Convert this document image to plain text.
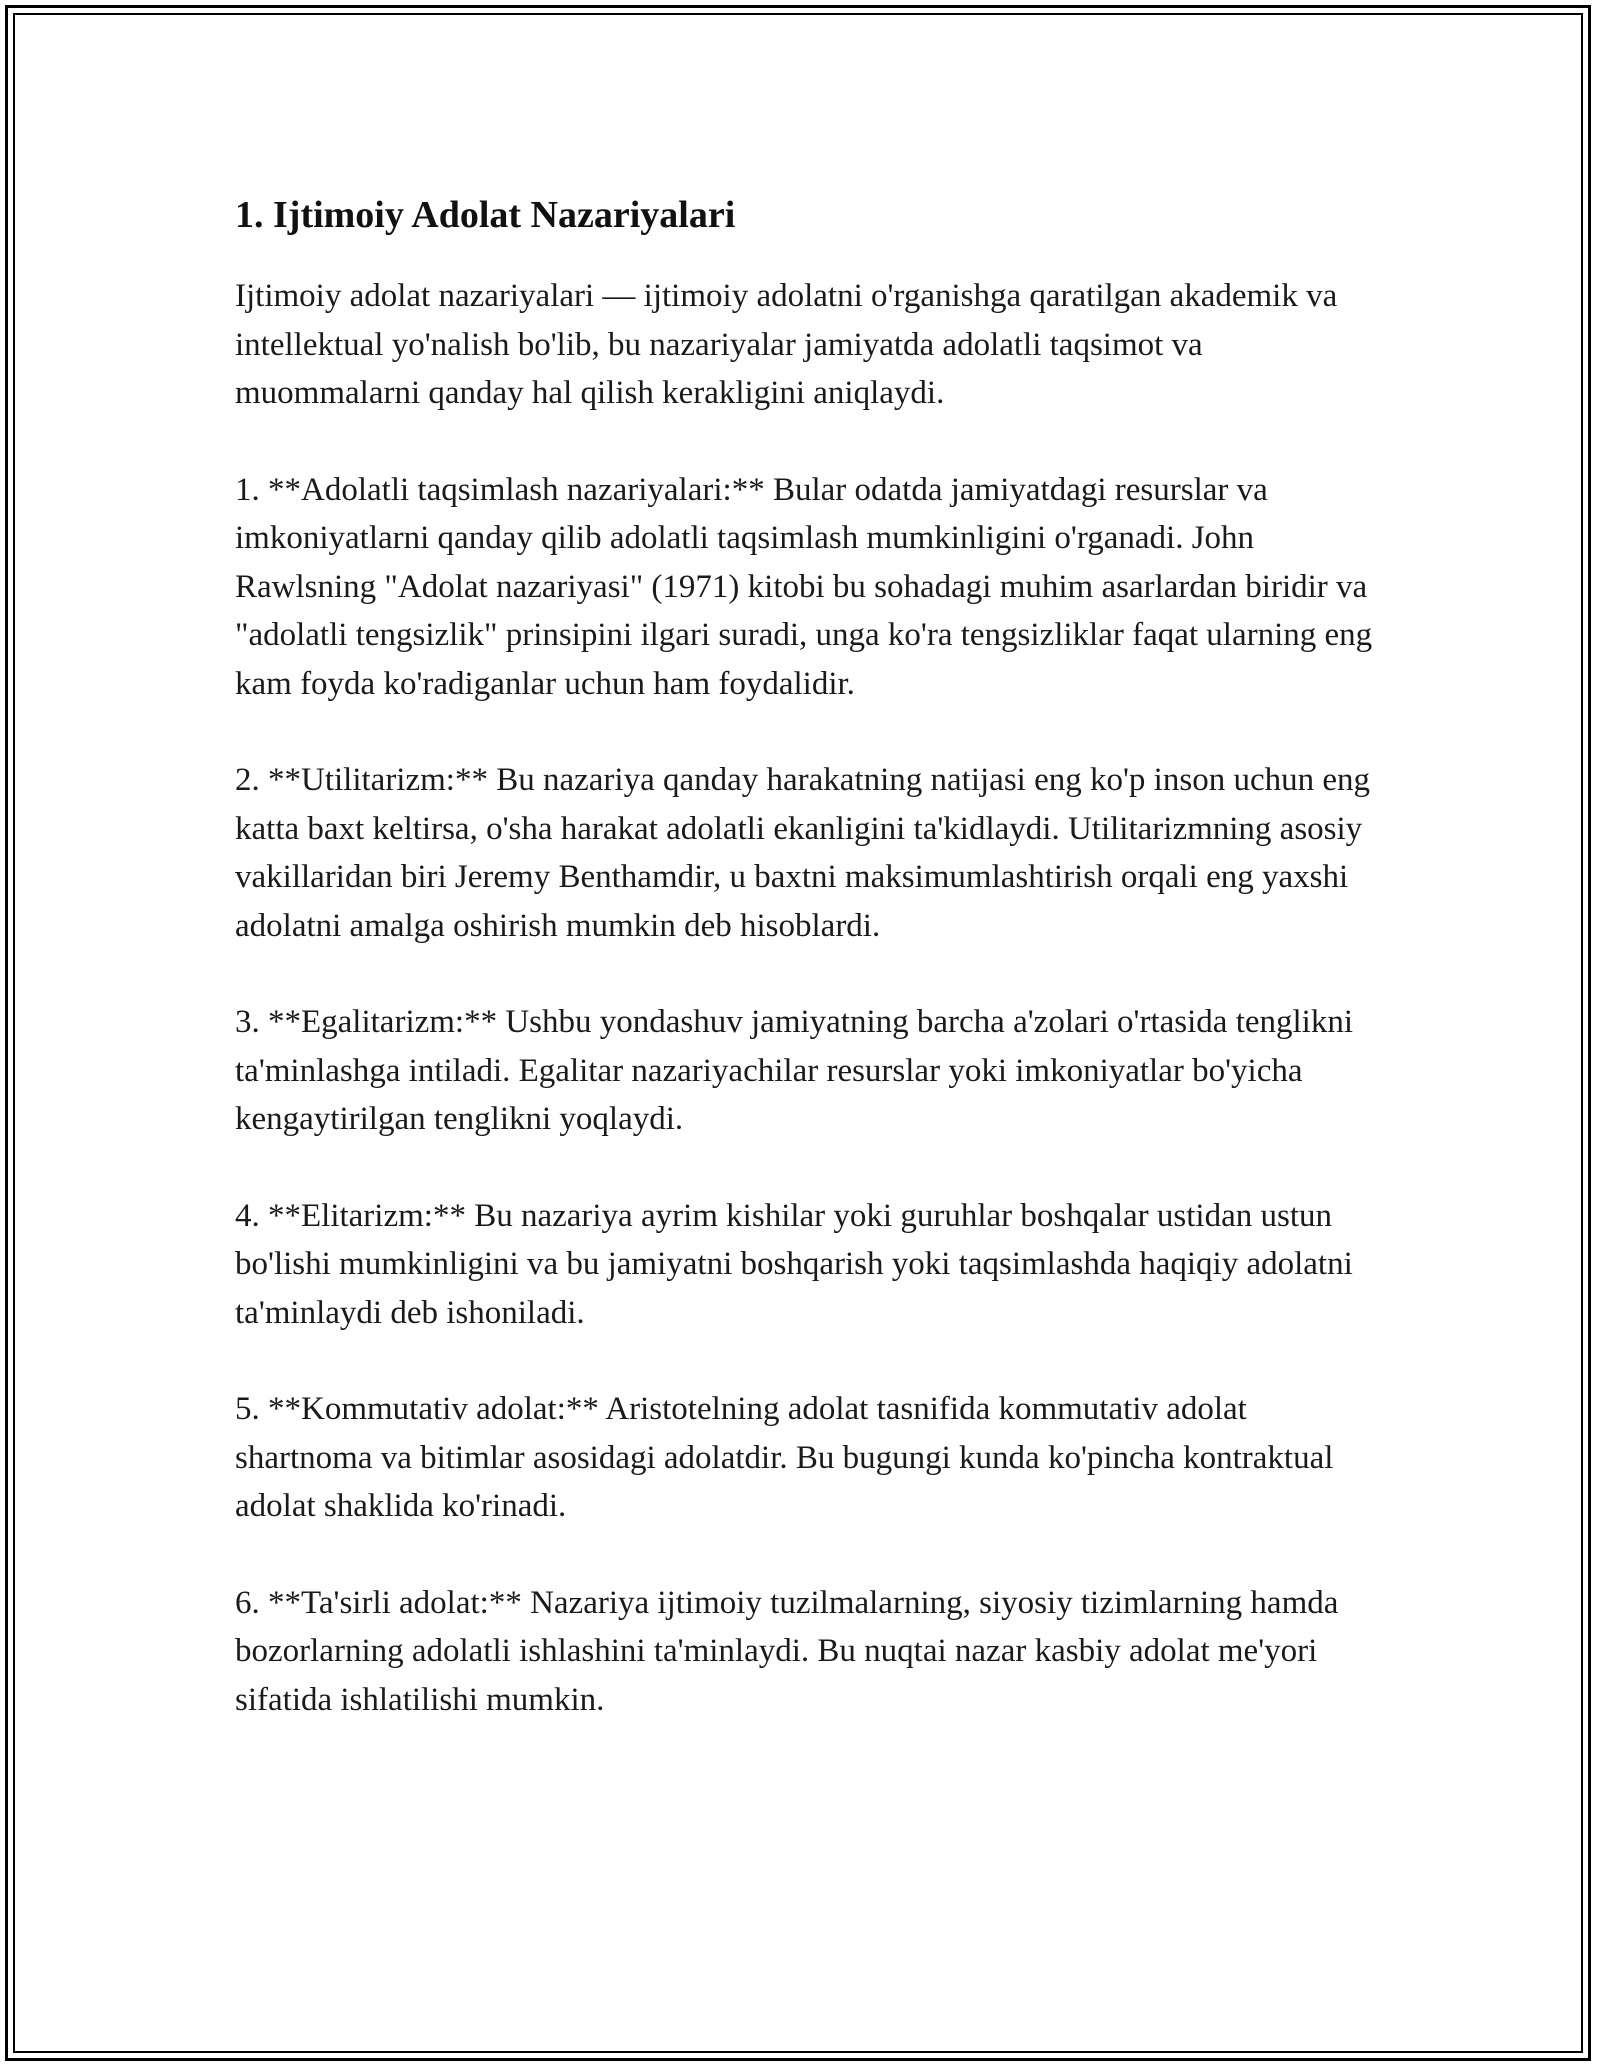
1. Ijtimoiy Adolat Nazariyalari

Ijtimoiy adolat nazariyalari — ijtimoiy adolatni o'rganishga qaratilgan akademik va intellektual yo'nalish bo'lib, bu nazariyalar jamiyatda adolatli taqsimot va muommalarni qanday hal qilish kerakligini aniqlaydi.

1. **Adolatli taqsimlash nazariyalari:** Bular odatda jamiyatdagi resurslar va imkoniyatlarni qanday qilib adolatli taqsimlash mumkinligini o'rganadi. John Rawlsning "Adolat nazariyasi" (1971) kitobi bu sohadagi muhim asarlardan biridir va "adolatli tengsizlik" prinsipini ilgari suradi, unga ko'ra tengsizliklar faqat ularning eng kam foyda ko'radiganlar uchun ham foydalidir.

2. **Utilitarizm:** Bu nazariya qanday harakatning natijasi eng ko'p inson uchun eng katta baxt keltirsa, o'sha harakat adolatli ekanligini ta'kidlaydi. Utilitarizmning asosiy vakillaridan biri Jeremy Benthamdir, u baxtni maksimumlashtirish orqali eng yaxshi adolatni amalga oshirish mumkin deb hisoblardi.

3. **Egalitarizm:** Ushbu yondashuv jamiyatning barcha a'zolari o'rtasida tenglikni ta'minlashga intiladi. Egalitar nazariyachilar resurslar yoki imkoniyatlar bo'yicha kengaytirilgan tenglikni yoqlaydi.

4. **Elitarizm:** Bu nazariya ayrim kishilar yoki guruhlar boshqalar ustidan ustun bo'lishi mumkinligini va bu jamiyatni boshqarish yoki taqsimlashda haqiqiy adolatni ta'minlaydi deb ishoniladi.

5. **Kommutativ adolat:** Aristotelning adolat tasnifida kommutativ adolat shartnoma va bitimlar asosidagi adolatdir. Bu bugungi kunda ko'pincha kontraktual adolat shaklida ko'rinadi.

6. **Ta'sirli adolat:** Nazariya ijtimoiy tuzilmalarning, siyosiy tizimlarning hamda bozorlarning adolatli ishlashini ta'minlaydi. Bu nuqtai nazar kasbiy adolat me'yori sifatida ishlatilishi mumkin.
